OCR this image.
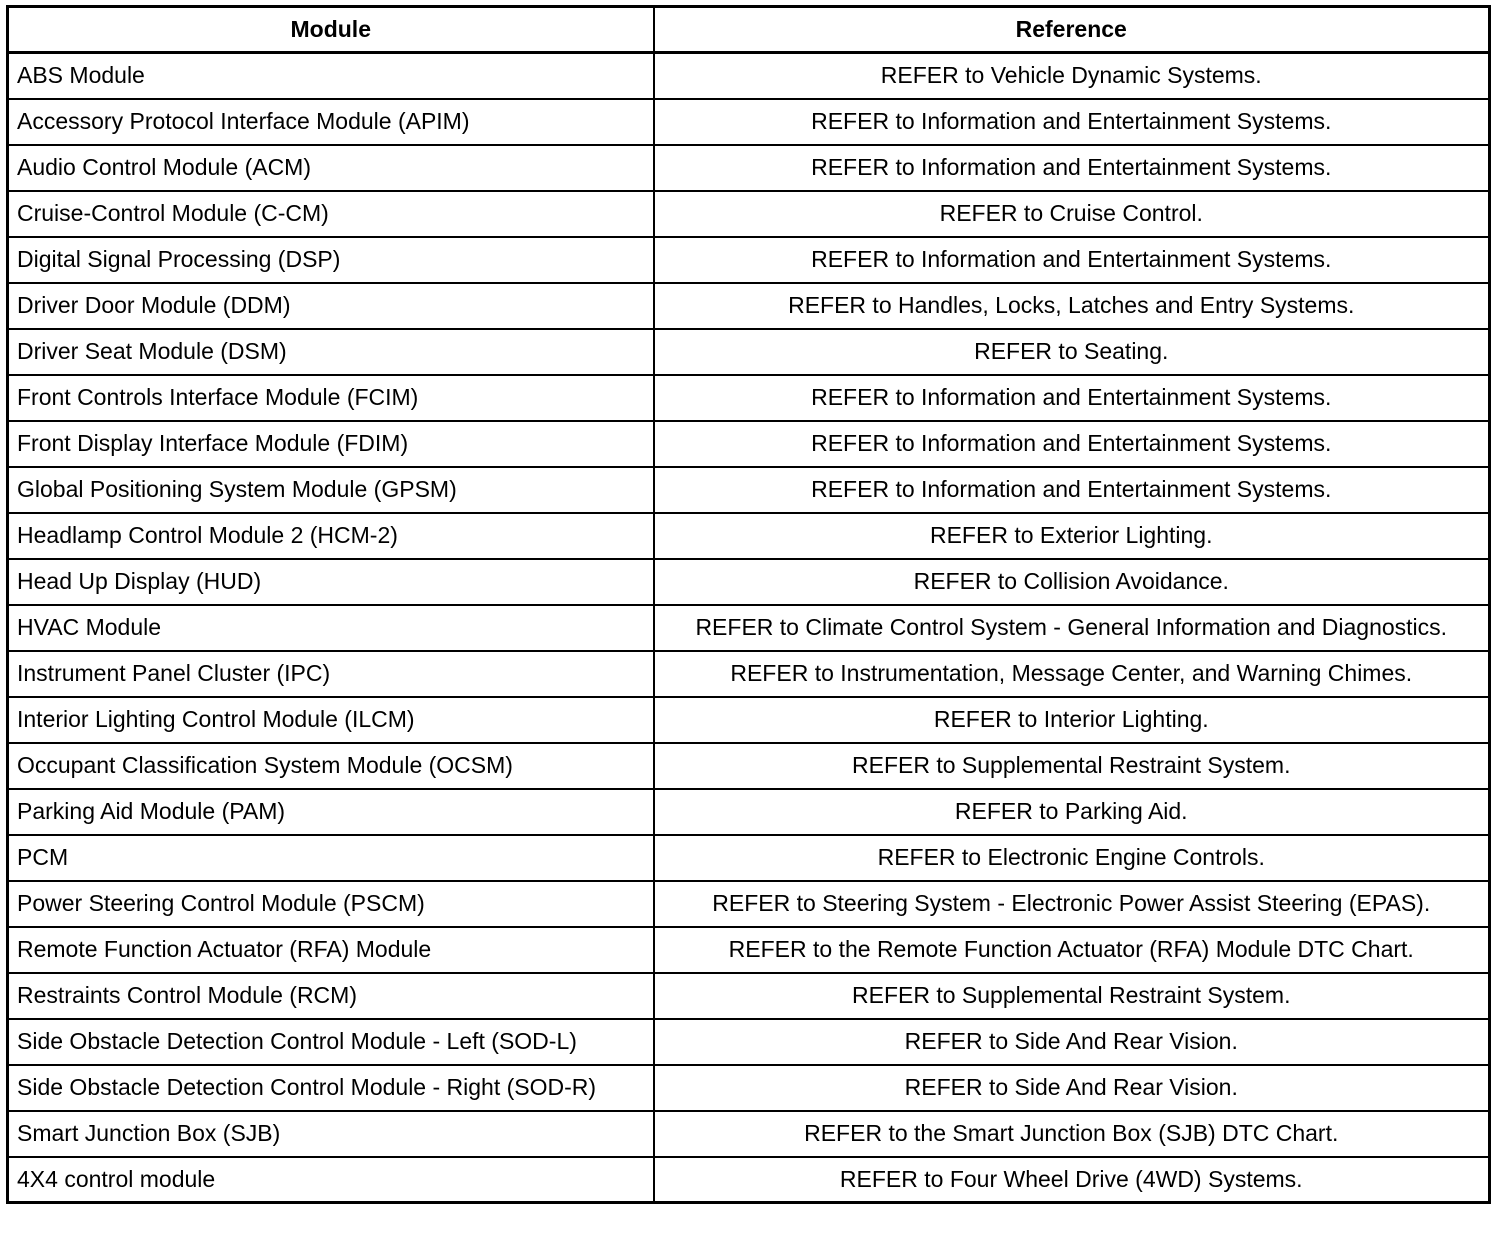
Module	Reference
ABS Module	REFER to Vehicle Dynamic Systems.
Accessory Protocol Interface Module (APIM)	REFER to Information and Entertainment Systems.
Audio Control Module (ACM)	REFER to Information and Entertainment Systems.
Cruise-Control Module (C-CM)	REFER to Cruise Control.
Digital Signal Processing (DSP)	REFER to Information and Entertainment Systems.
Driver Door Module (DDM)	REFER to Handles, Locks, Latches and Entry Systems.
Driver Seat Module (DSM)	REFER to Seating.
Front Controls Interface Module (FCIM)	REFER to Information and Entertainment Systems.
Front Display Interface Module (FDIM)	REFER to Information and Entertainment Systems.
Global Positioning System Module (GPSM)	REFER to Information and Entertainment Systems.
Headlamp Control Module 2 (HCM-2)	REFER to Exterior Lighting.
Head Up Display (HUD)	REFER to Collision Avoidance.
HVAC Module	REFER to Climate Control System - General Information and Diagnostics.
Instrument Panel Cluster (IPC)	REFER to Instrumentation, Message Center, and Warning Chimes.
Interior Lighting Control Module (ILCM)	REFER to Interior Lighting.
Occupant Classification System Module (OCSM)	REFER to Supplemental Restraint System.
Parking Aid Module (PAM)	REFER to Parking Aid.
PCM	REFER to Electronic Engine Controls.
Power Steering Control Module (PSCM)	REFER to Steering System - Electronic Power Assist Steering (EPAS).
Remote Function Actuator (RFA) Module	REFER to the Remote Function Actuator (RFA) Module DTC Chart.
Restraints Control Module (RCM)	REFER to Supplemental Restraint System.
Side Obstacle Detection Control Module - Left (SOD-L)	REFER to Side And Rear Vision.
Side Obstacle Detection Control Module - Right (SOD-R)	REFER to Side And Rear Vision.
Smart Junction Box (SJB)	REFER to the Smart Junction Box (SJB) DTC Chart.
4X4 control module	REFER to Four Wheel Drive (4WD) Systems.
